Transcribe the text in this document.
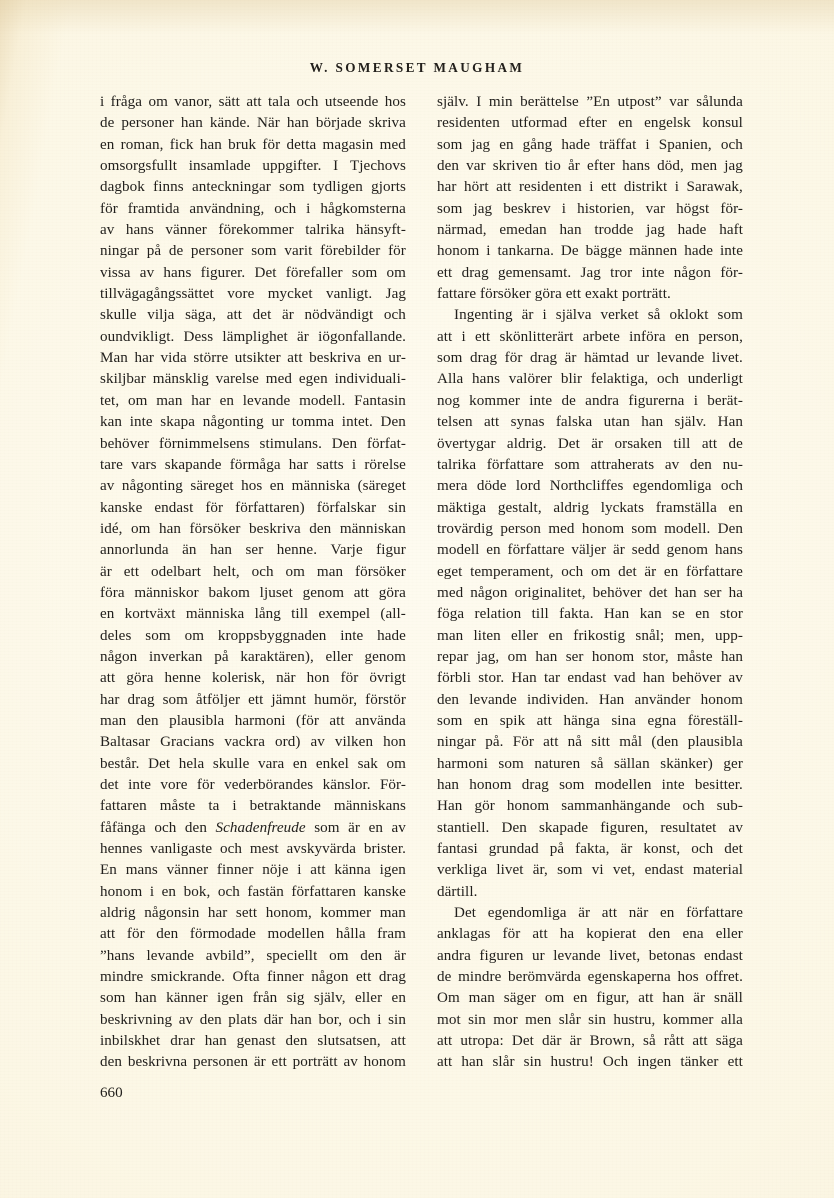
W. SOMERSET MAUGHAM
i fråga om vanor, sätt att tala och utseende hos
de personer han kände. När han började skriva
en roman, fick han bruk för detta magasin med
omsorgsfullt insamlade uppgifter. I Tjechovs
dagbok finns anteckningar som tydligen gjorts
för framtida användning, och i hågkomsterna
av hans vänner förekommer talrika hänsyft-
ningar på de personer som varit förebilder för
vissa av hans figurer. Det förefaller som om
tillvägagångssättet vore mycket vanligt. Jag
skulle vilja säga, att det är nödvändigt och
oundvikligt. Dess lämplighet är iögonfallande.
Man har vida större utsikter att beskriva en ur-
skiljbar mänsklig varelse med egen individuali-
tet, om man har en levande modell. Fantasin
kan inte skapa någonting ur tomma intet. Den
behöver förnimmelsens stimulans. Den förfat-
tare vars skapande förmåga har satts i rörelse
av någonting säreget hos en människa (säreget
kanske endast för författaren) förfalskar sin
idé, om han försöker beskriva den människan
annorlunda än han ser henne. Varje figur
är ett odelbart helt, och om man försöker
föra människor bakom ljuset genom att göra
en kortväxt människa lång till exempel (all-
deles som om kroppsbyggnaden inte hade
någon inverkan på karaktären), eller genom
att göra henne kolerisk, när hon för övrigt
har drag som åtföljer ett jämnt humör, förstör
man den plausibla harmoni (för att använda
Baltasar Gracians vackra ord) av vilken hon
består. Det hela skulle vara en enkel sak om
det inte vore för vederbörandes känslor. För-
fattaren måste ta i betraktande människans
fåfänga och den Schadenfreude som är en av
hennes vanligaste och mest avskyvärda brister.
En mans vänner finner nöje i att känna igen
honom i en bok, och fastän författaren kanske
aldrig någonsin har sett honom, kommer man
att för den förmodade modellen hålla fram
”hans levande avbild”, speciellt om den är
mindre smickrande. Ofta finner någon ett drag
som han känner igen från sig själv, eller en
beskrivning av den plats där han bor, och i sin
inbilskhet drar han genast den slutsatsen, att
den beskrivna personen är ett porträtt av honom
själv. I min berättelse ”En utpost” var sålunda
residenten utformad efter en engelsk konsul
som jag en gång hade träffat i Spanien, och
den var skriven tio år efter hans död, men jag
har hört att residenten i ett distrikt i Sarawak,
som jag beskrev i historien, var högst för-
närmad, emedan han trodde jag hade haft
honom i tankarna. De bägge männen hade inte
ett drag gemensamt. Jag tror inte någon för-
fattare försöker göra ett exakt porträtt.
Ingenting är i själva verket så oklokt som
att i ett skönlitterärt arbete införa en person,
som drag för drag är hämtad ur levande livet.
Alla hans valörer blir felaktiga, och underligt
nog kommer inte de andra figurerna i berät-
telsen att synas falska utan han själv. Han
övertygar aldrig. Det är orsaken till att de
talrika författare som attraherats av den nu-
mera döde lord Northcliffes egendomliga och
mäktiga gestalt, aldrig lyckats framställa en
trovärdig person med honom som modell. Den
modell en författare väljer är sedd genom hans
eget temperament, och om det är en författare
med någon originalitet, behöver det han ser ha
föga relation till fakta. Han kan se en stor
man liten eller en frikostig snål; men, upp-
repar jag, om han ser honom stor, måste han
förbli stor. Han tar endast vad han behöver av
den levande individen. Han använder honom
som en spik att hänga sina egna föreställ-
ningar på. För att nå sitt mål (den plausibla
harmoni som naturen så sällan skänker) ger
han honom drag som modellen inte besitter.
Han gör honom sammanhängande och sub-
stantiell. Den skapade figuren, resultatet av
fantasi grundad på fakta, är konst, och det
verkliga livet är, som vi vet, endast material
därtill.
Det egendomliga är att när en författare
anklagas för att ha kopierat den ena eller
andra figuren ur levande livet, betonas endast
de mindre berömvärda egenskaperna hos offret.
Om man säger om en figur, att han är snäll
mot sin mor men slår sin hustru, kommer alla
att utropa: Det där är Brown, så rått att säga
att han slår sin hustru! Och ingen tänker ett
660
